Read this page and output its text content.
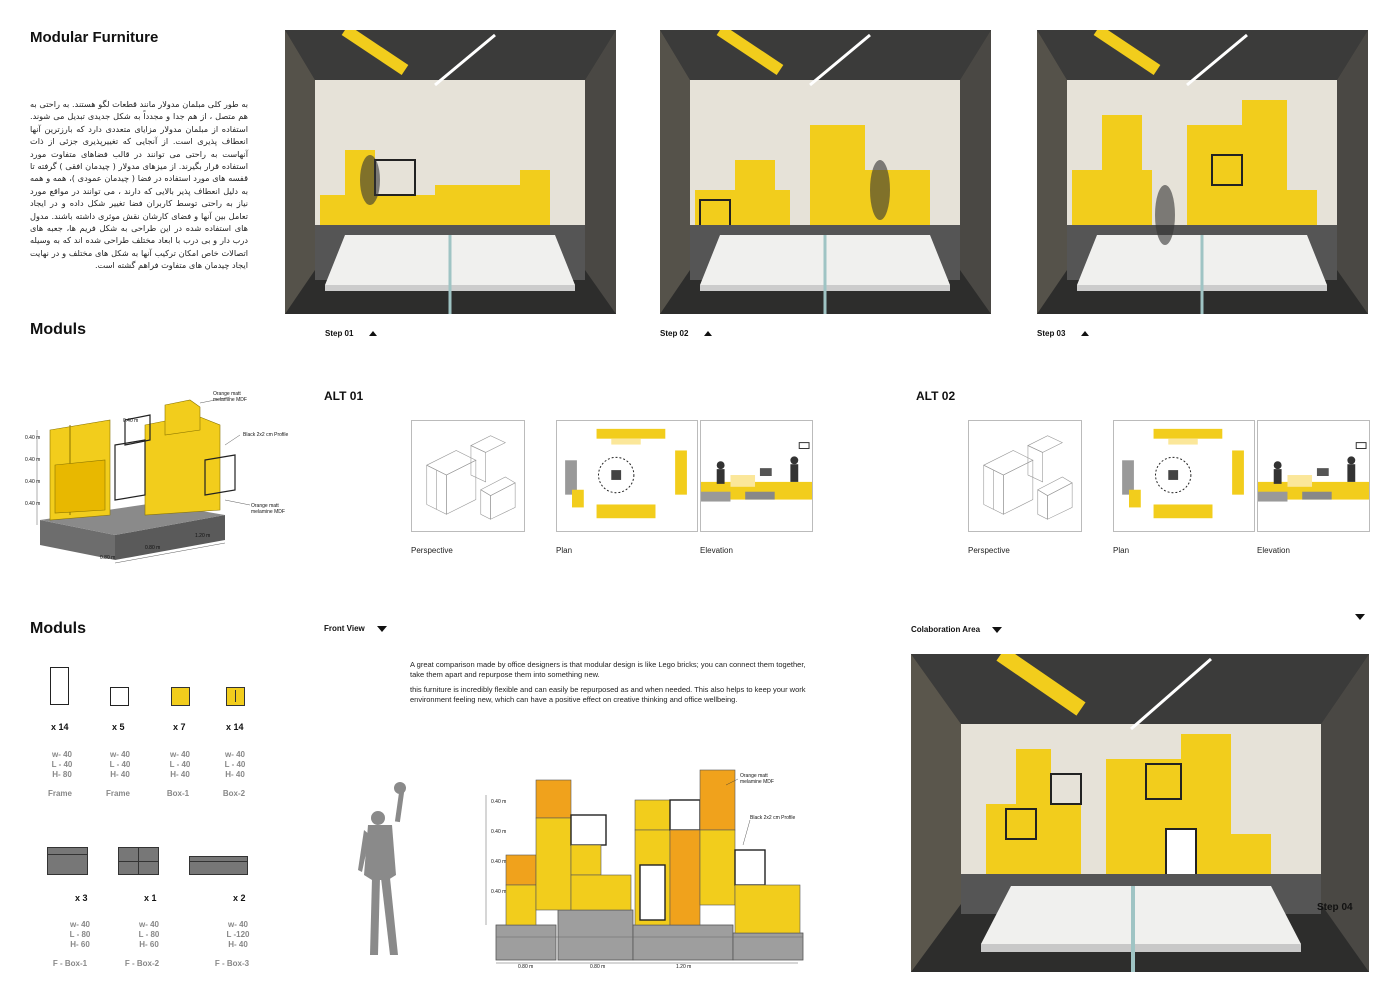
Modular Furniture
به طور کلی مبلمان مدولار مانند قطعات لگو هستند. به راحتی به هم متصل ، از هم جدا و مجدداً به شکل جدیدی تبدیل می شوند. استفاده از مبلمان مدولار مزایای متعددی دارد که بارزترین آنها انعطاف پذیری است. از آنجایی که تغییرپذیری جزئی از ذات آنهاست به راحتی می توانند در قالب فضاهای متفاوت مورد استفاده قرار بگیرند. از میزهای مدولار ( چیدمان افقی ) گرفته تا قفسه های مورد استفاده در فضا ( چیدمان عمودی )، همه و همه به دلیل انعطاف پذیر بالایی که دارند ، می توانند در مواقع مورد نیاز به راحتی توسط کاربران فضا تغییر شکل داده و در ایجاد تعامل بین آنها و فضای کارشان نقش موثری داشته باشند. مدول های استفاده شده در این طراحی به شکل فریم ها، جعبه های درب دار و بی درب با ابعاد مختلف طراحی شده اند که به وسیله اتصالات خاص امکان ترکیب آنها به شکل های مختلف و در نهایت ایجاد چیدمان های متفاوت فراهم گشته است.
Step 01	Step 02	Step 03
Moduls
Orange matt melamine MDF
Black 2x2 cm Profile
Orange matt melamine MDF
0.40 m
0.40 m
0.40 m
0.40 m
0.80 m
0.80 m
1.20 m
0.40 m
ALT 01
Perspective	Plan	Elevation
ALT 02
Perspective	Plan	Elevation
Moduls
x 14	x 5	x 7	x 14
w- 40
L - 40
H- 80
w- 40
L - 40
H- 40
w- 40
L - 40
H- 40
w- 40
L - 40
H- 40
Frame	Frame	Box-1	Box-2
x 3	x 1	x 2
w- 40
L - 80
H- 60
w- 40
L - 80
H- 60
w- 40
L -120
H- 40
F - Box-1	F - Box-2	F - Box-3
Front View
A great comparison made by office designers is that modular design is like Lego bricks; you can connect them together, take them apart and repurpose them into something new.
this furniture is incredibly flexible and can easily be repurposed as and when needed. This also helps to keep your work environment feeling new, which can have a positive effect on creative thinking and office wellbeing.
Orange matt melamine MDF
Black 2x2 cm Profile
0.40 m
0.40 m
0.40 m
0.40 m
0.80 m	0.80 m	1.20 m
Colaboration Area
Step 04
